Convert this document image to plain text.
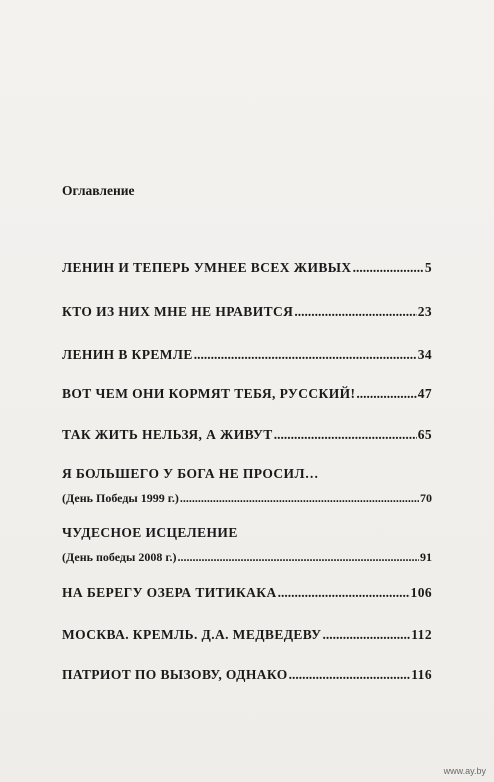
Оглавление
ЛЕНИН И ТЕПЕРЬ УМНЕЕ ВСЕХ ЖИВЫХ .....	5
КТО ИЗ НИХ МНЕ НЕ НРАВИТСЯ .....	23
ЛЕНИН В КРЕМЛЕ .....	34
ВОТ ЧЕМ ОНИ КОРМЯТ ТЕБЯ, РУССКИЙ! .....	47
ТАК ЖИТЬ НЕЛЬЗЯ, А ЖИВУТ .....	65
Я БОЛЬШЕГО У БОГА НЕ ПРОСИЛ…
(День Победы 1999 г.) .....	70
ЧУДЕСНОЕ ИСЦЕЛЕНИЕ
(День победы 2008 г.) .....	91
НА БЕРЕГУ ОЗЕРА ТИТИКАКА .....	106
МОСКВА. КРЕМЛЬ. Д.А. МЕДВЕДЕВУ .....	112
ПАТРИОТ ПО ВЫЗОВУ, ОДНАКО .....	116
www.ay.by
